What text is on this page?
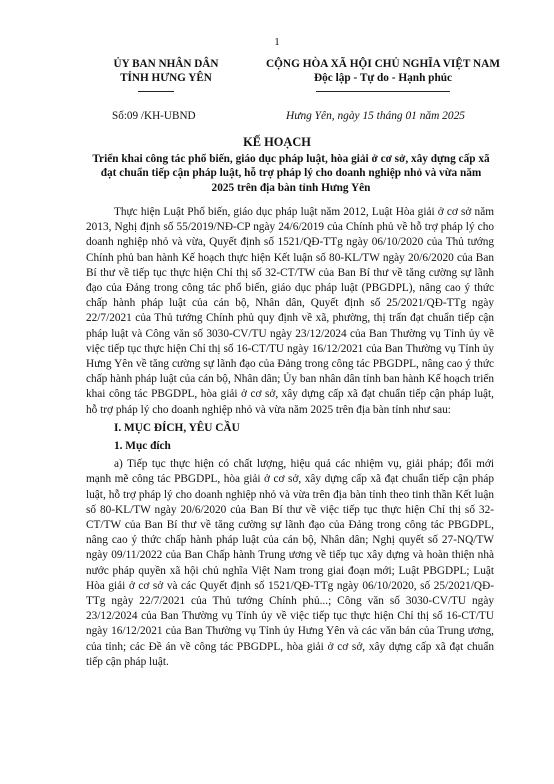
1
ỦY BAN NHÂN DÂN
TỈNH HƯNG YÊN
CỘNG HÒA XÃ HỘI CHỦ NGHĨA VIỆT NAM
Độc lập - Tự do - Hạnh phúc
Số:09 /KH-UBND	Hưng Yên, ngày 15 tháng 01 năm 2025
KẾ HOẠCH
Triển khai công tác phổ biến, giáo dục pháp luật, hòa giải ở cơ sở, xây dựng cấp xã đạt chuẩn tiếp cận pháp luật, hỗ trợ pháp lý cho doanh nghiệp nhỏ và vừa năm 2025 trên địa bàn tỉnh Hưng Yên

Thực hiện Luật Phổ biến, giáo dục pháp luật năm 2012, Luật Hòa giải ở cơ sở năm 2013, Nghị định số 55/2019/NĐ-CP ngày 24/6/2019 của Chính phủ về hỗ trợ pháp lý cho doanh nghiệp nhỏ và vừa, Quyết định số 1521/QĐ-TTg ngày 06/10/2020 của Thủ tướng Chính phủ ban hành Kế hoạch thực hiện Kết luận số 80-KL/TW ngày 20/6/2020 của Ban Bí thư về tiếp tục thực hiện Chỉ thị số 32-CT/TW của Ban Bí thư về tăng cường sự lãnh đạo của Đảng trong công tác phổ biến, giáo dục pháp luật (PBGDPL), nâng cao ý thức chấp hành pháp luật của cán bộ, Nhân dân, Quyết định số 25/2021/QĐ-TTg ngày 22/7/2021 của Thủ tướng Chính phủ quy định về xã, phường, thị trấn đạt chuẩn tiếp cận pháp luật và Công văn số 3030-CV/TU ngày 23/12/2024 của Ban Thường vụ Tỉnh ủy về việc tiếp tục thực hiện Chỉ thị số 16-CT/TU ngày 16/12/2021 của Ban Thường vụ Tỉnh ủy Hưng Yên về tăng cường sự lãnh đạo của Đảng trong công tác PBGDPL, nâng cao ý thức chấp hành pháp luật của cán bộ, Nhân dân; Ủy ban nhân dân tỉnh ban hành Kế hoạch triển khai công tác PBGDPL, hòa giải ở cơ sở, xây dựng cấp xã đạt chuẩn tiếp cận pháp luật, hỗ trợ pháp lý cho doanh nghiệp nhỏ và vừa năm 2025 trên địa bàn tỉnh như sau:

I. MỤC ĐÍCH, YÊU CẦU
1. Mục đích

a) Tiếp tục thực hiện có chất lượng, hiệu quả các nhiệm vụ, giải pháp; đổi mới mạnh mẽ công tác PBGDPL, hòa giải ở cơ sở, xây dựng cấp xã đạt chuẩn tiếp cận pháp luật, hỗ trợ pháp lý cho doanh nghiệp nhỏ và vừa trên địa bàn tỉnh theo tinh thần Kết luận số 80-KL/TW ngày 20/6/2020 của Ban Bí thư về việc tiếp tục thực hiện Chỉ thị số 32-CT/TW của Ban Bí thư về tăng cường sự lãnh đạo của Đảng trong công tác PBGDPL, nâng cao ý thức chấp hành pháp luật của cán bộ, Nhân dân; Nghị quyết số 27-NQ/TW ngày 09/11/2022 của Ban Chấp hành Trung ương về tiếp tục xây dựng và hoàn thiện nhà nước pháp quyền xã hội chủ nghĩa Việt Nam trong giai đoạn mới; Luật PBGDPL; Luật Hòa giải ở cơ sở và các Quyết định số 1521/QĐ-TTg ngày 06/10/2020, số 25/2021/QĐ-TTg ngày 22/7/2021 của Thủ tướng Chính phủ...; Công văn số 3030-CV/TU ngày 23/12/2024 của Ban Thường vụ Tỉnh ủy về việc tiếp tục thực hiện Chỉ thị số 16-CT/TU ngày 16/12/2021 của Ban Thường vụ Tỉnh ủy Hưng Yên và các văn bản của Trung ương, của tỉnh; các Đề án về công tác PBGDPL, hòa giải ở cơ sở, xây dựng cấp xã đạt chuẩn tiếp cận pháp luật.
